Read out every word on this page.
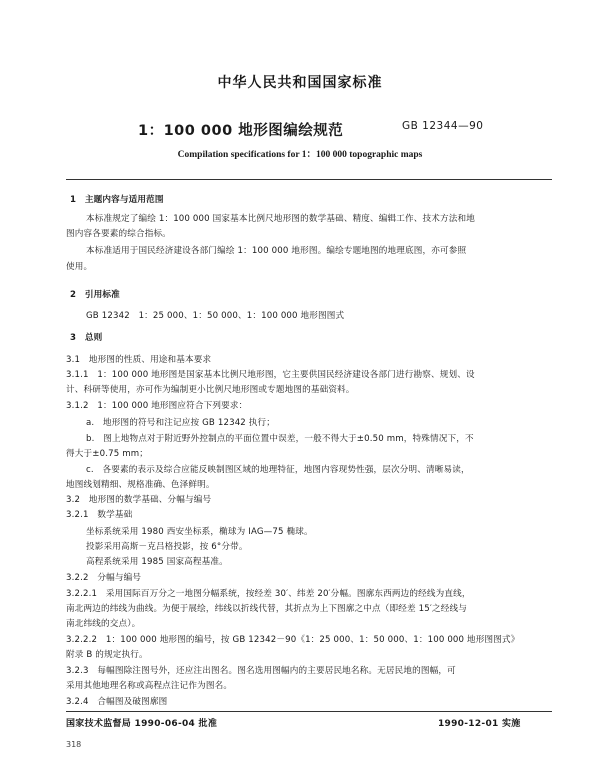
中华人民共和国国家标准
1：100 000 地形图编绘规范	GB 12344—90
Compilation specifications for 1：100 000 topographic maps
1　主题内容与适用范围
本标准规定了编绘 1：100 000 国家基本比例尺地形图的数学基础、精度、编辑工作、技术方法和地
图内容各要素的综合指标。
本标准适用于国民经济建设各部门编绘 1：100 000 地形图。编绘专题地图的地理底图，亦可参照
使用。
2　引用标准
GB 12342　1：25 000、1：50 000、1：100 000 地形图图式
3　总则
3.1　地形图的性质、用途和基本要求
3.1.1　1：100 000 地形图是国家基本比例尺地形图，它主要供国民经济建设各部门进行勘察、规划、设
计、科研等使用，亦可作为编制更小比例尺地形图或专题地图的基础资料。
3.1.2　1：100 000 地形图应符合下列要求：
a.　地形图的符号和注记应按 GB 12342 执行；
b.　图上地物点对于附近野外控制点的平面位置中误差，一般不得大于±0.50 mm，特殊情况下，不
得大于±0.75 mm；
c.　各要素的表示及综合应能反映制图区域的地理特征，地图内容现势性强，层次分明、清晰易读，
地图线划精细、规格准确、色泽鲜明。
3.2　地形图的数学基础、分幅与编号
3.2.1　数学基础
坐标系统采用 1980 西安坐标系，椭球为 IAG—75 椭球。
投影采用高斯－克吕格投影，按 6°分带。
高程系统采用 1985 国家高程基准。
3.2.2　分幅与编号
3.2.2.1　采用国际百万分之一地图分幅系统，按经差 30′、纬差 20′分幅。图廓东西两边的经线为直线，
南北两边的纬线为曲线。为便于展绘，纬线以折线代替，其折点为上下图廓之中点（即经差 15′之经线与
南北纬线的交点）。
3.2.2.2　1：100 000 地形图的编号，按 GB 12342－90《1：25 000、1：50 000、1：100 000 地形图图式》
附录 B 的规定执行。
3.2.3　每幅图除注图号外，还应注出图名。图名选用图幅内的主要居民地名称。无居民地的图幅，可
采用其他地理名称或高程点注记作为图名。
3.2.4　合幅图及破图廓图
国家技术监督局 1990-06-04 批准	1990-12-01 实施
318
